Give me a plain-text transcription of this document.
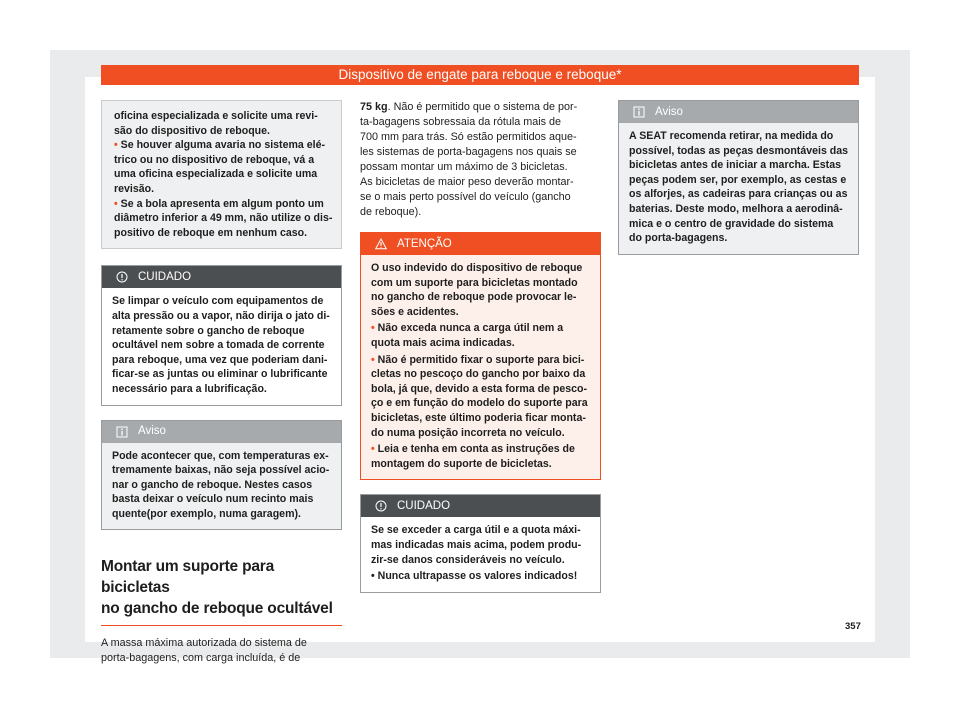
Dispositivo de engate para reboque e reboque*
oficina especializada e solicite uma revi-
são do dispositivo de reboque.
• Se houver alguma avaria no sistema elé-
trico ou no dispositivo de reboque, vá a
uma oficina especializada e solicite uma
revisão.
• Se a bola apresenta em algum ponto um
diâmetro inferior a 49 mm, não utilize o dis-
positivo de reboque em nenhum caso.
CUIDADO
Se limpar o veículo com equipamentos de
alta pressão ou a vapor, não dirija o jato di-
retamente sobre o gancho de reboque
ocultável nem sobre a tomada de corrente
para reboque, uma vez que poderiam dani-
ficar-se as juntas ou eliminar o lubrificante
necessário para a lubrificação.
Aviso
Pode acontecer que, com temperaturas ex-
tremamente baixas, não seja possível acio-
nar o gancho de reboque. Nestes casos
basta deixar o veículo num recinto mais
quente(por exemplo, numa garagem).
Montar um suporte para bicicletas
no gancho de reboque ocultável
A massa máxima autorizada do sistema de
porta-bagagens, com carga incluída, é de
75 kg. Não é permitido que o sistema de por-
ta-bagagens sobressaia da rótula mais de
700 mm para trás. Só estão permitidos aque-
les sistemas de porta-bagagens nos quais se
possam montar um máximo de 3 bicicletas.
As bicicletas de maior peso deverão montar-
se o mais perto possível do veículo (gancho
de reboque).
ATENÇÃO
O uso indevido do dispositivo de reboque
com um suporte para bicicletas montado
no gancho de reboque pode provocar le-
sões e acidentes.
• Não exceda nunca a carga útil nem a
quota mais acima indicadas.
• Não é permitido fixar o suporte para bici-
cletas no pescoço do gancho por baixo da
bola, já que, devido a esta forma de pesco-
ço e em função do modelo do suporte para
bicicletas, este último poderia ficar monta-
do numa posição incorreta no veículo.
• Leia e tenha em conta as instruções de
montagem do suporte de bicicletas.
CUIDADO
Se se exceder a carga útil e a quota máxi-
mas indicadas mais acima, podem produ-
zir-se danos consideráveis no veículo.
• Nunca ultrapasse os valores indicados!
Aviso
A SEAT recomenda retirar, na medida do
possível, todas as peças desmontáveis das
bicicletas antes de iniciar a marcha. Estas
peças podem ser, por exemplo, as cestas e
os alforjes, as cadeiras para crianças ou as
baterias. Deste modo, melhora a aerodinâ-
mica e o centro de gravidade do sistema
do porta-bagagens.
357
